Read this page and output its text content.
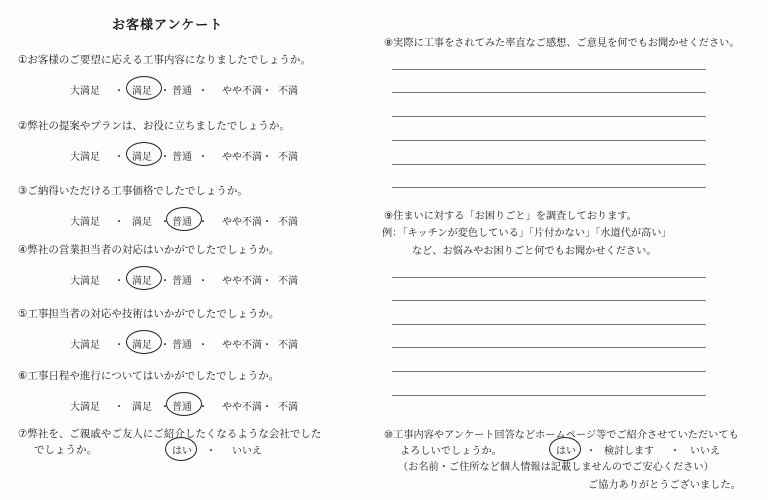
お客様アンケート
①お客様のご要望に応える工事内容になりましたでしょうか。
大満足	満足 普通	やや不満 不満
・	・	・	・
②弊社の提案やプランは、お役に立ちましたでしょうか。
大満足	満足 普通	やや不満 不満
・	・	・	・
③ご納得いただける工事価格でしたでしょうか。
大満足	満足 普通	やや不満 不満
・	・	・	・
④弊社の営業担当者の対応はいかがでしたでしょうか。
大満足	満足 普通	やや不満 不満
・	・	・	・
⑤工事担当者の対応や技術はいかがでしたでしょうか。
大満足	満足 普通	やや不満 不満
・	・	・	・
⑥工事日程や進行についてはいかがでしたでしょうか。
大満足	満足 普通	やや不満 不満
・	・	・	・
⑦弊社を、ご親戚やご友人にご紹介したくなるような会社でした
でしょうか。	はい ・ いいえ
⑧実際に工事をされてみた率直なご感想、ご意見を何でもお聞かせください。
⑨住まいに対する「お困りごと」を調査しております。
例：「キッチンが変色している」「片付かない」「水道代が高い」
など、お悩みやお困りごと何でもお聞かせください。
⑩工事内容やアンケート回答などホームページ等でご紹介させていただいても
よろしいでしょうか。	はい ・ 検討します ・ いいえ
（お名前・ご住所など個人情報は記載しませんのでご安心ください）
ご協力ありがとうございました。
